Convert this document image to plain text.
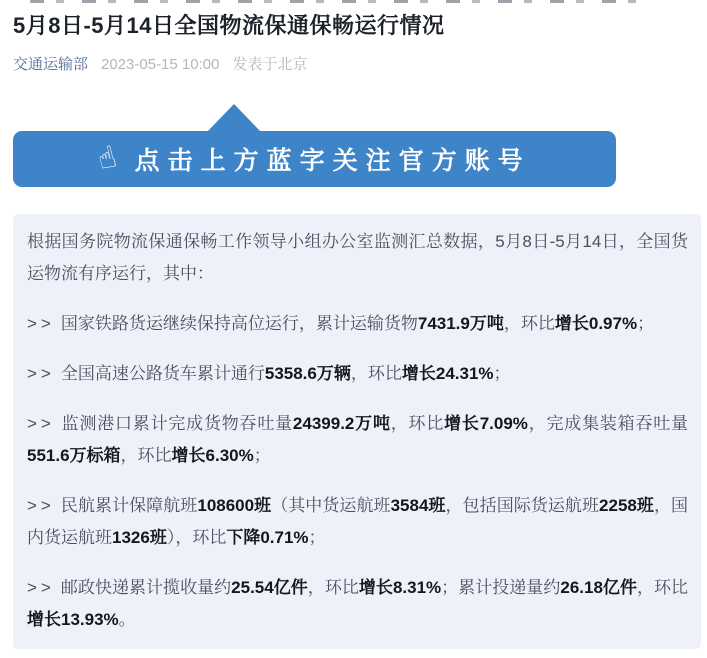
5月8日-5月14日全国物流保通保畅运行情况
交通运输部 2023-05-15 10:00 发表于北京
☝ 点击上方蓝字关注官方账号

根据国务院物流保通保畅工作领导小组办公室监测汇总数据，5月8日-5月14日，全国货运物流有序运行，其中：

>> 国家铁路货运继续保持高位运行，累计运输货物7431.9万吨，环比增长0.97%；

>> 全国高速公路货车累计通行5358.6万辆，环比增长24.31%；

>> 监测港口累计完成货物吞吐量24399.2万吨，环比增长7.09%，完成集装箱吞吐量551.6万标箱，环比增长6.30%；

>> 民航累计保障航班108600班（其中货运航班3584班，包括国际货运航班2258班，国内货运航班1326班），环比下降0.71%；

>> 邮政快递累计揽收量约25.54亿件，环比增长8.31%；累计投递量约26.18亿件，环比增长13.93%。
